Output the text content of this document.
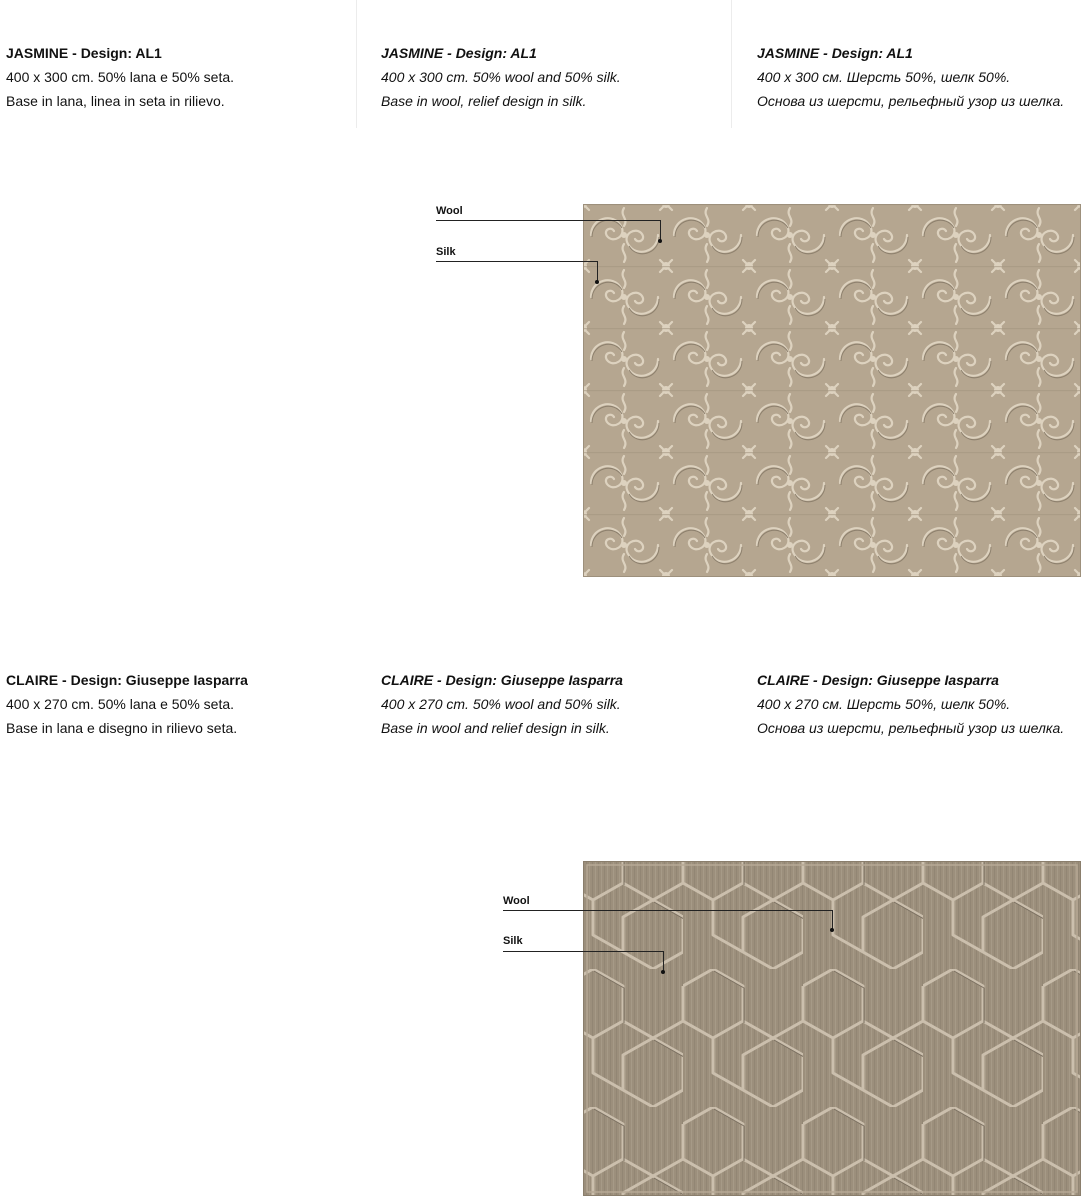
JASMINE - Design: AL1
400 x 300 cm. 50% lana e 50% seta.
Base in lana, linea in seta in rilievo.
JASMINE - Design: AL1
400 x 300 cm. 50% wool and 50% silk.
Base in wool, relief design in silk.
JASMINE - Design: AL1
400 x 300 см. Шерсть 50%, шелк 50%.
Основа из шерсти, рельефный узор из шелка.
Wool
Silk
CLAIRE - Design: Giuseppe Iasparra
400 x 270 cm. 50% lana e 50% seta.
Base in lana e disegno in rilievo seta.
CLAIRE - Design: Giuseppe Iasparra
400 x 270 cm. 50% wool and 50% silk.
Base in wool and relief design in silk.
CLAIRE - Design: Giuseppe Iasparra
400 x 270 см. Шерсть 50%, шелк 50%.
Основа из шерсти, рельефный узор из шелка.
Wool
Silk
